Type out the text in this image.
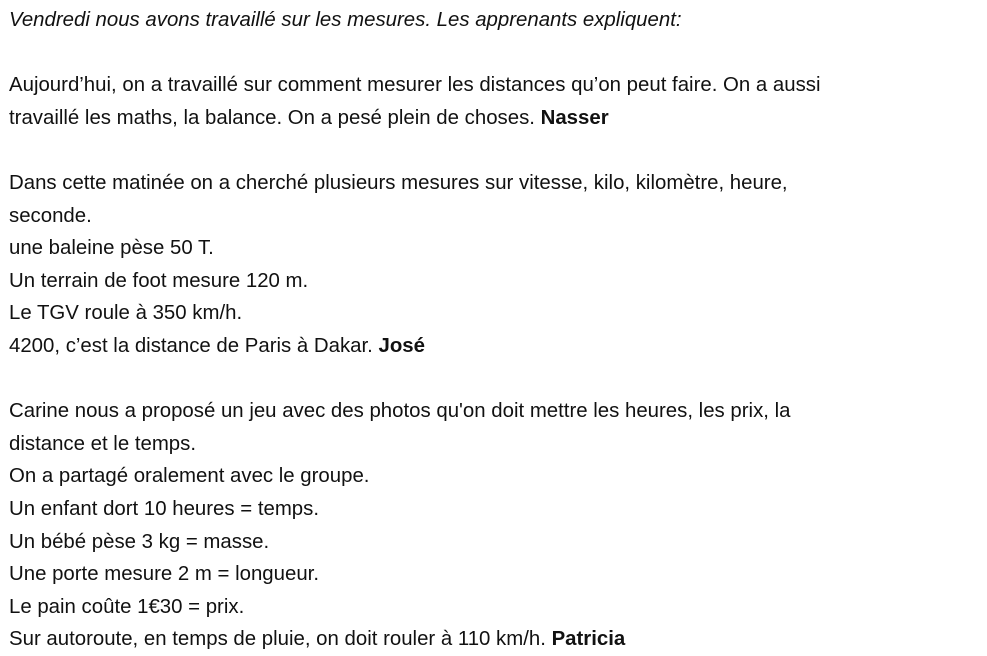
Vendredi nous avons travaillé sur les mesures. Les apprenants expliquent:
Aujourd’hui, on a travaillé sur comment mesurer les distances qu’on peut faire. On a aussi
travaillé les maths, la balance. On a pesé plein de choses. Nasser
Dans cette matinée on a cherché plusieurs mesures sur vitesse, kilo, kilomètre, heure,
seconde.
une baleine pèse 50 T.
Un terrain de foot mesure 120 m.
Le TGV roule à 350 km/h.
4200, c’est la distance de Paris à Dakar. José
Carine nous a proposé un jeu avec des photos qu'on doit mettre les heures, les prix, la
distance et le temps.
On a partagé oralement avec le groupe.
Un enfant dort 10 heures = temps.
Un bébé pèse 3 kg = masse.
Une porte mesure 2 m = longueur.
Le pain coûte 1€30 = prix.
Sur autoroute, en temps de pluie, on doit rouler à 110 km/h. Patricia
